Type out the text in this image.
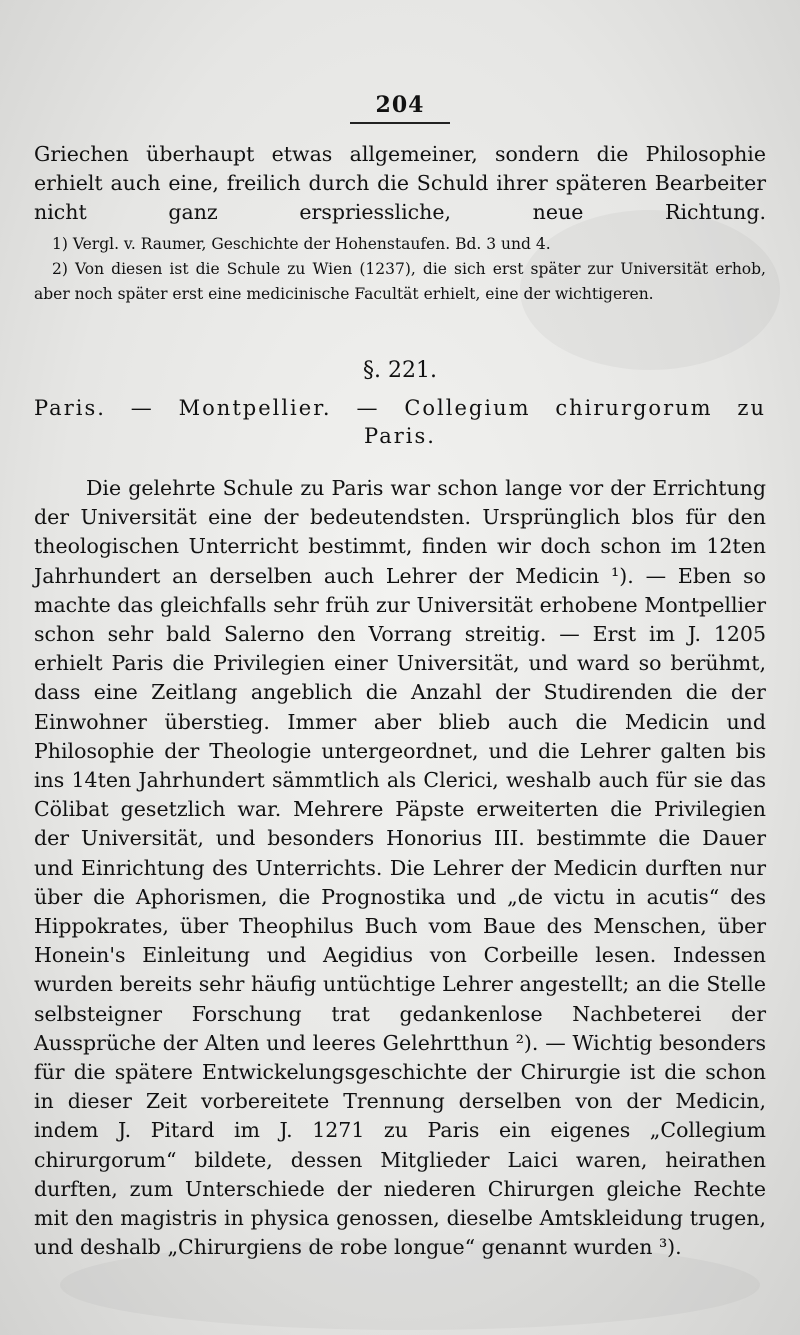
204
Griechen überhaupt etwas allgemeiner, sondern die Philosophie erhielt auch eine, freilich durch die Schuld ihrer späteren Bearbeiter nicht ganz erspriessliche, neue Richtung.
1) Vergl. v. Raumer, Geschichte der Hohenstaufen. Bd. 3 und 4.
2) Von diesen ist die Schule zu Wien (1237), die sich erst später zur Universität erhob, aber noch später erst eine medicinische Facultät erhielt, eine der wichtigeren.
§. 221.
Paris. — Montpellier. — Collegium chirurgorum zu
Paris.
Die gelehrte Schule zu Paris war schon lange vor der Errichtung der Universität eine der bedeutendsten. Ursprünglich blos für den theologischen Unterricht bestimmt, finden wir doch schon im 12ten Jahrhundert an derselben auch Lehrer der Medicin ¹). — Eben so machte das gleichfalls sehr früh zur Universität erhobene Montpellier schon sehr bald Salerno den Vorrang streitig. — Erst im J. 1205 erhielt Paris die Privilegien einer Universität, und ward so berühmt, dass eine Zeitlang angeblich die Anzahl der Studirenden die der Einwohner überstieg. Immer aber blieb auch die Medicin und Philosophie der Theologie untergeordnet, und die Lehrer galten bis ins 14ten Jahrhundert sämmtlich als Clerici, weshalb auch für sie das Cölibat gesetzlich war. Mehrere Päpste erweiterten die Privilegien der Universität, und besonders Honorius III. bestimmte die Dauer und Einrichtung des Unterrichts. Die Lehrer der Medicin durften nur über die Aphorismen, die Prognostika und „de victu in acutis“ des Hippokrates, über Theophilus Buch vom Baue des Menschen, über Honein's Einleitung und Aegidius von Corbeille lesen. Indessen wurden bereits sehr häufig untüchtige Lehrer angestellt; an die Stelle selbsteigner Forschung trat gedankenlose Nachbeterei der Aussprüche der Alten und leeres Gelehrtthun ²). — Wichtig besonders für die spätere Entwickelungsgeschichte der Chirurgie ist die schon in dieser Zeit vorbereitete Trennung derselben von der Medicin, indem J. Pitard im J. 1271 zu Paris ein eigenes „Collegium chirurgorum“ bildete, dessen Mitglieder Laici waren, heirathen durften, zum Unterschiede der niederen Chirurgen gleiche Rechte mit den magistris in physica genossen, dieselbe Amtskleidung trugen, und deshalb „Chirurgiens de robe longue“ genannt wurden ³).
